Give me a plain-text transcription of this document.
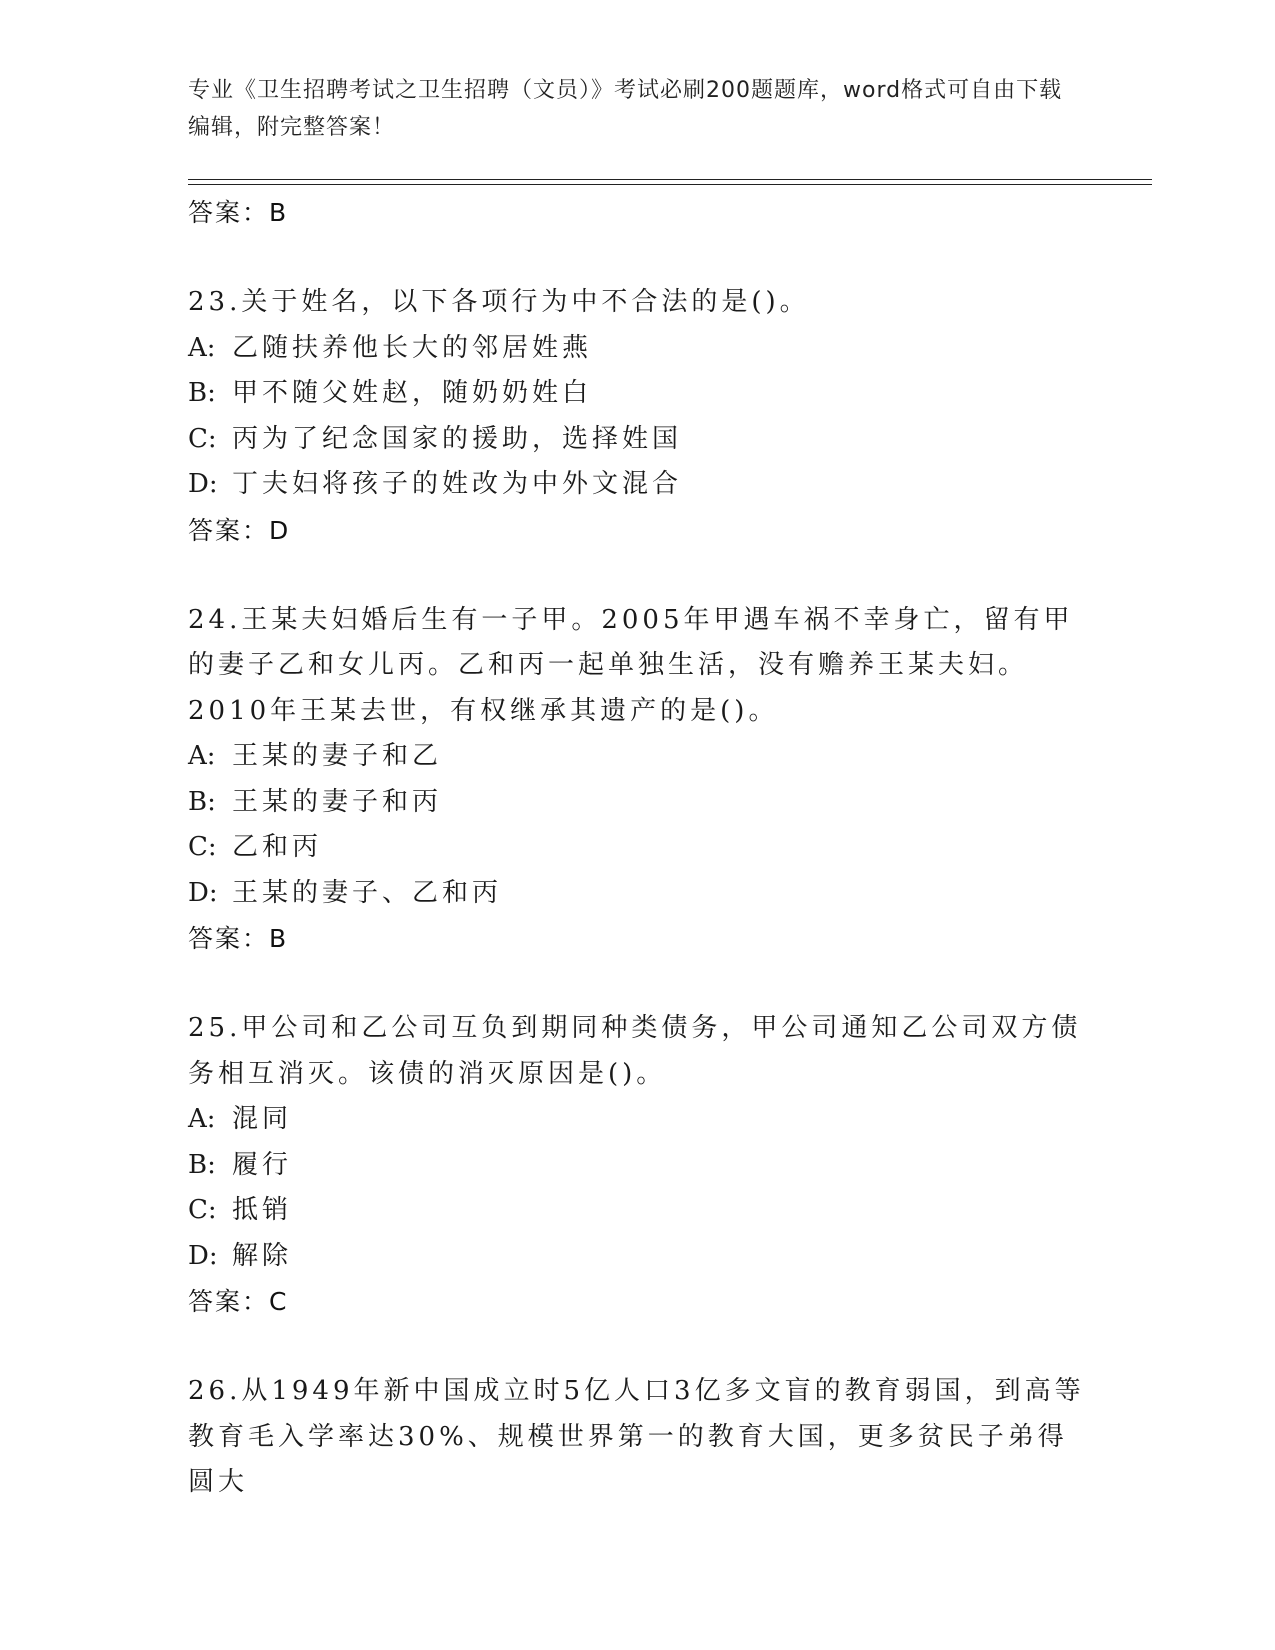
专业《卫生招聘考试之卫生招聘（文员）》考试必刷200题题库，word格式可自由下载编辑，附完整答案！
答案：B
23.关于姓名，以下各项行为中不合法的是()。
A: 乙随扶养他长大的邻居姓燕
B: 甲不随父姓赵，随奶奶姓白
C: 丙为了纪念国家的援助，选择姓国
D: 丁夫妇将孩子的姓改为中外文混合
答案：D
24.王某夫妇婚后生有一子甲。2005年甲遇车祸不幸身亡，留有甲的妻子乙和女儿丙。乙和丙一起单独生活，没有赡养王某夫妇。2010年王某去世，有权继承其遗产的是()。
A: 王某的妻子和乙
B: 王某的妻子和丙
C: 乙和丙
D: 王某的妻子、乙和丙
答案：B
25.甲公司和乙公司互负到期同种类债务，甲公司通知乙公司双方债务相互消灭。该债的消灭原因是()。
A: 混同
B: 履行
C: 抵销
D: 解除
答案：C
26.从1949年新中国成立时5亿人口3亿多文盲的教育弱国，到高等教育毛入学率达30%、规模世界第一的教育大国，更多贫民子弟得圆大
